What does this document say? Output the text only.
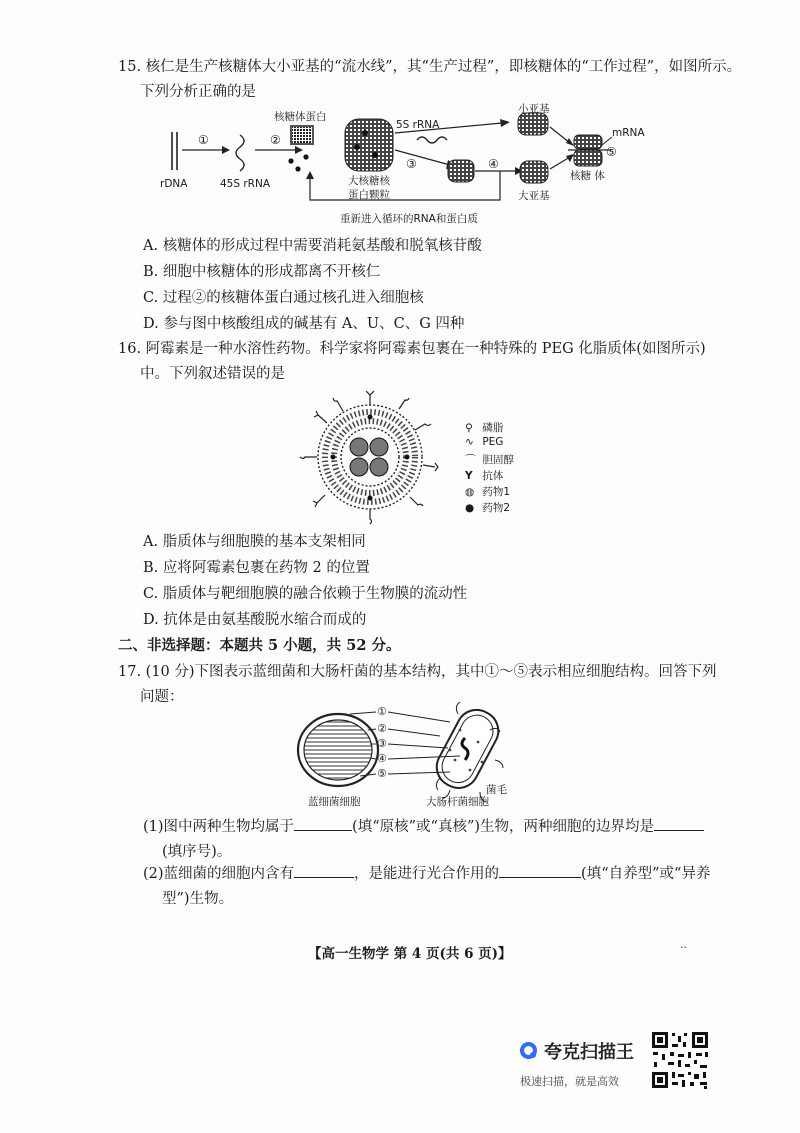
15. 核仁是生产核糖体大小亚基的“流水线”，其“生产过程”，即核糖体的“工作过程”，如图所示。
下列分析正确的是
rDNA
①
45S rRNA
②
核糖体蛋白
5S rRNA
大核糖核
蛋白颗粒
③	④
小亚基
大亚基
mRNA
⑤
核糖 体
重新进入循环的RNA和蛋白质
A. 核糖体的形成过程中需要消耗氨基酸和脱氧核苷酸
B. 细胞中核糖体的形成都离不开核仁
C. 过程②的核糖体蛋白通过核孔进入细胞核
D. 参与图中核酸组成的碱基有 A、U、C、G 四种
16. 阿霉素是一种水溶性药物。科学家将阿霉素包裹在一种特殊的 PEG 化脂质体(如图所示)
中。下列叙述错误的是
⚲ 磷脂
∿ PEG
⌒ 胆固醇
Y 抗体
◍ 药物1
● 药物2
A. 脂质体与细胞膜的基本支架相同
B. 应将阿霉素包裹在药物 2 的位置
C. 脂质体与靶细胞膜的融合依赖于生物膜的流动性
D. 抗体是由氨基酸脱水缩合而成的
二、非选择题：本题共 5 小题，共 52 分。
17. (10 分)下图表示蓝细菌和大肠杆菌的基本结构，其中①～⑤表示相应细胞结构。回答下列
问题：
①
②
③
④
⑤
菌毛
蓝细菌细胞	大肠杆菌细胞
(1)图中两种生物均属于	(填“原核”或“真核”)生物，两种细胞的边界均是
(填序号)。
(2)蓝细菌的细胞内含有	，是能进行光合作用的	(填“自养型”或“异养
型”)生物。
【高一生物学 第 4 页(共 6 页)】
..
夸克扫描王
极速扫描，就是高效
